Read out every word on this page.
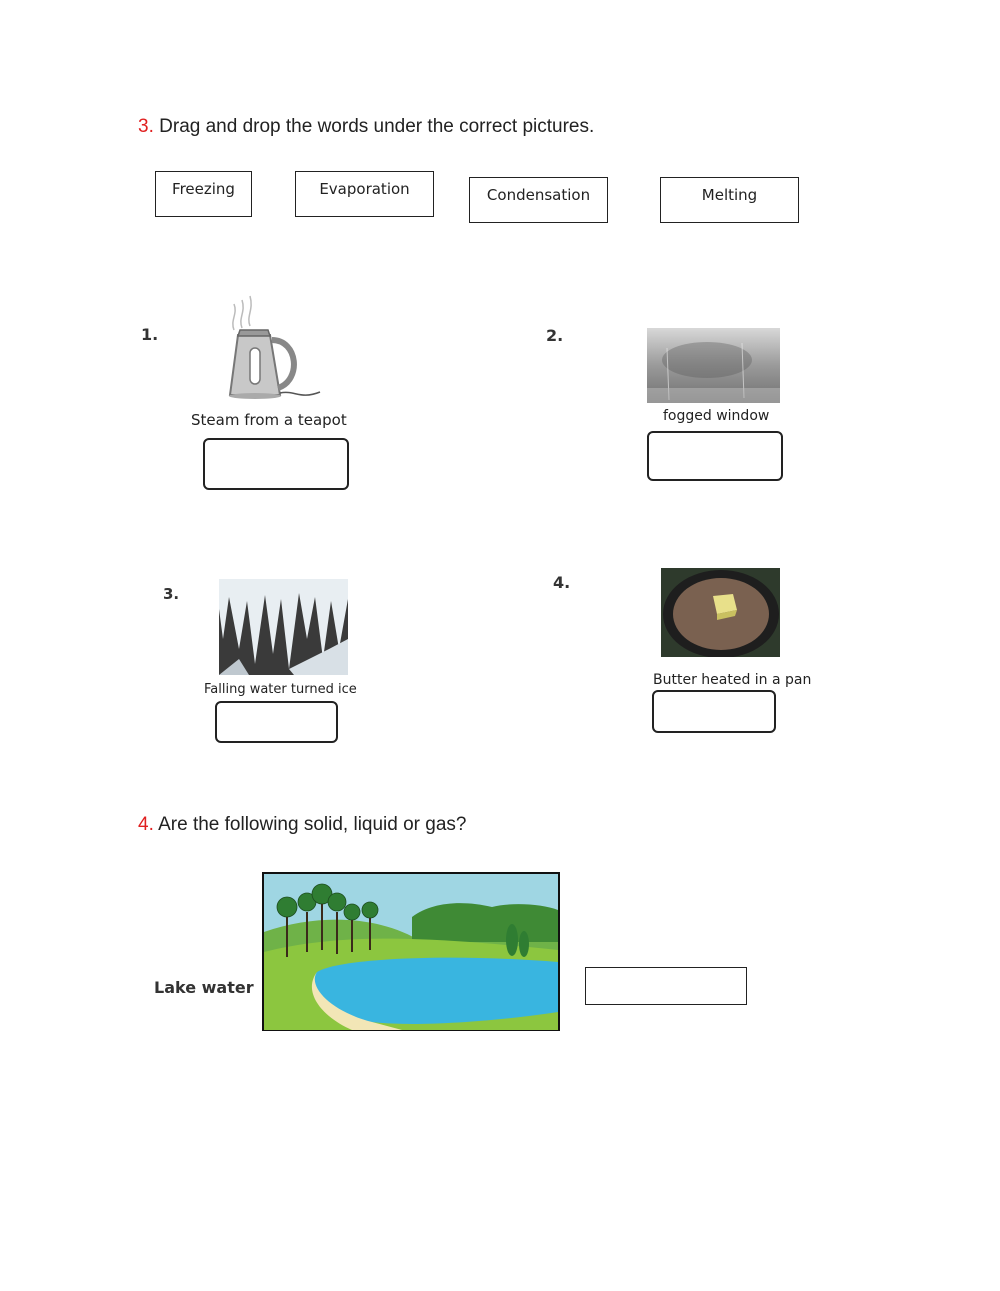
3. Drag and drop the words under the correct pictures.
Freezing	Evaporation	Condensation	Melting
1.
Steam from a teapot
2.
fogged window
3.
Falling water turned ice
4.
Butter heated in a pan
4. Are the following solid, liquid or gas?
Lake water
